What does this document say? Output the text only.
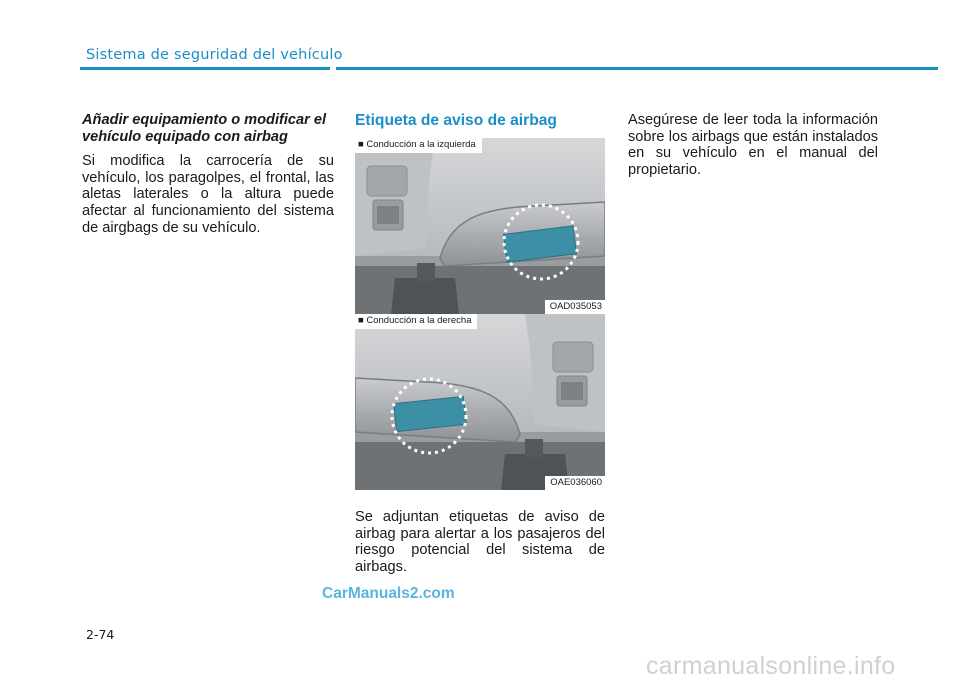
Sistema de seguridad del vehículo
Añadir equipamiento o modificar el vehículo equipado con airbag

Si modifica la carrocería de su vehículo, los paragolpes, el frontal, las aletas laterales o la altura puede afectar al funcionamiento del sistema de airgbags de su vehículo.

Etiqueta de aviso de airbag
■ Conducción a la izquierda
OAD035053
■ Conducción a la derecha
OAE036060

Se adjuntan etiquetas de aviso de airbag para alertar a los pasajeros del riesgo potencial del sistema de airbags.

Asegúrese de leer toda la información sobre los airbags que están instalados en su vehículo en el manual del propietario.

CarManuals2.com
2-74
carmanualsonline.info
